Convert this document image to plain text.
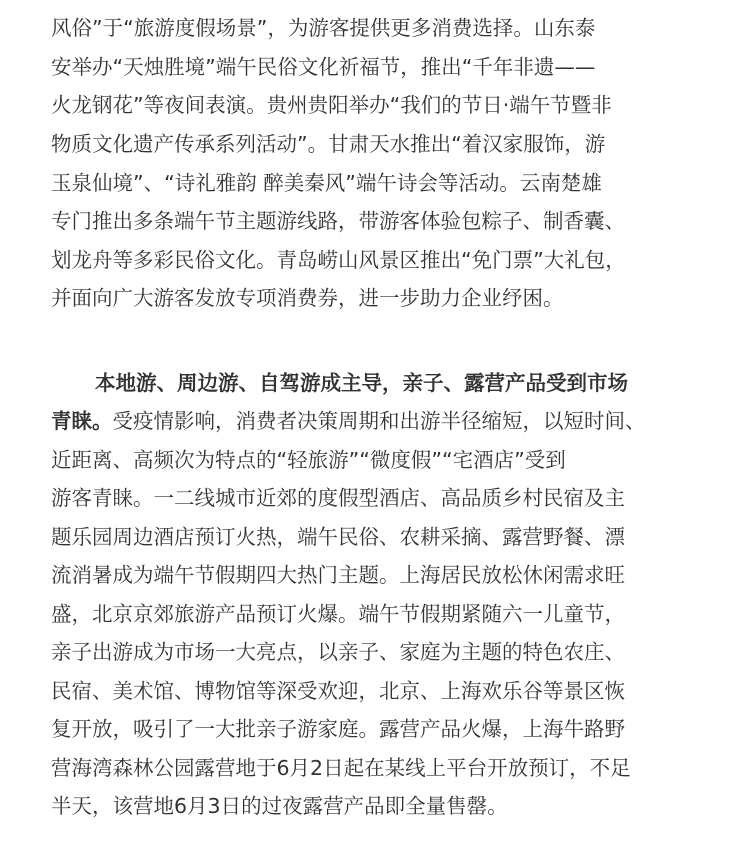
风俗”于“旅游度假场景”，为游客提供更多消费选择。山东泰
安举办“天烛胜境”端午民俗文化祈福节，推出“千年非遗——
火龙钢花”等夜间表演。贵州贵阳举办“我们的节日·端午节暨非
物质文化遗产传承系列活动”。甘肃天水推出“着汉家服饰，游
玉泉仙境”、“诗礼雅韵 醉美秦风”端午诗会等活动。云南楚雄
专门推出多条端午节主题游线路，带游客体验包粽子、制香囊、
划龙舟等多彩民俗文化。青岛崂山风景区推出“免门票”大礼包，
并面向广大游客发放专项消费券，进一步助力企业纾困。
本地游、周边游、自驾游成主导，亲子、露营产品受到市场
青睐。受疫情影响，消费者决策周期和出游半径缩短，以短时间、
近距离、高频次为特点的“轻旅游”“微度假”“宅酒店”受到
游客青睐。一二线城市近郊的度假型酒店、高品质乡村民宿及主
题乐园周边酒店预订火热，端午民俗、农耕采摘、露营野餐、漂
流消暑成为端午节假期四大热门主题。上海居民放松休闲需求旺
盛，北京京郊旅游产品预订火爆。端午节假期紧随六一儿童节，
亲子出游成为市场一大亮点，以亲子、家庭为主题的特色农庄、
民宿、美术馆、博物馆等深受欢迎，北京、上海欢乐谷等景区恢
复开放，吸引了一大批亲子游家庭。露营产品火爆，上海牛路野
营海湾森林公园露营地于6月2日起在某线上平台开放预订，不足
半天，该营地6月3日的过夜露营产品即全量售罄。
